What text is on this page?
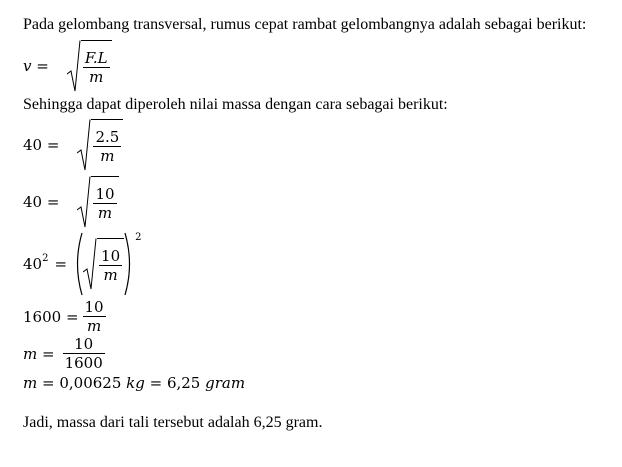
Pada gelombang transversal, rumus cepat rambat gelombangnya adalah sebagai berikut:
$v = \frac{F.L}{m}$
Sehingga dapat diperoleh nilai massa dengan cara sebagai berikut:
$40 = \frac{2.5}{m}$
$40 = \frac{10}{m}$
$40^2 = \frac{10}{m}$
2
$1600 = \frac{10}{m}$
$m = \frac{10}{1600}$
m = 0,00625 kg = 6,25 gram
Jadi, massa dari tali tersebut adalah 6,25 gram.
